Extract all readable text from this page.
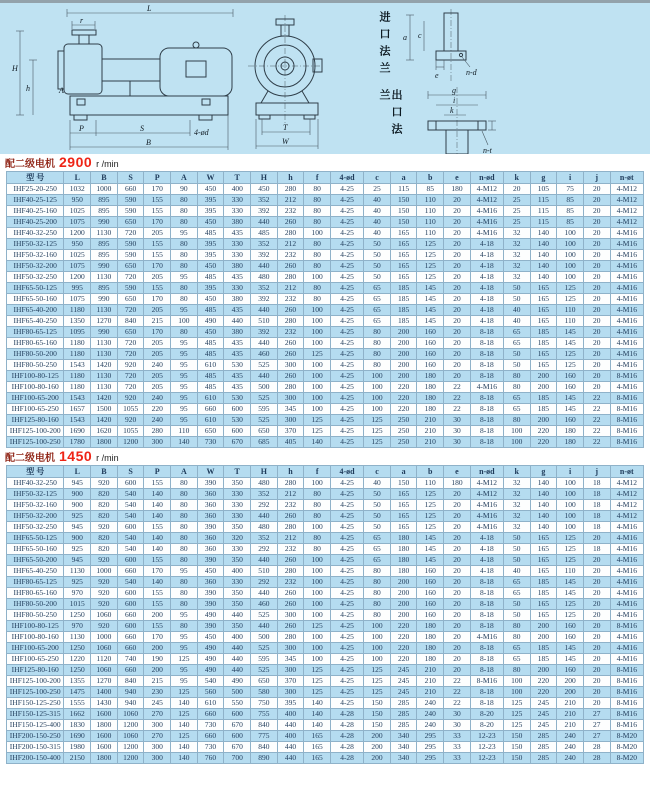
L
r
H
h	A
P	S	4-ød
B
T
W
a c
e	n-d
g
i
k
n-t
进口法兰
出口法兰
配二级电机 2900 r /min
型 号	L	B	S	P	A	W	T	H	h	f	4-ød	c	a	b	e	n-ød	k	g	i	j	n-øt
IHF25-20-250	1032	1000	660	170	90	450	400	450	280	80	4-25	25	115	85	180	4-M12	20	105	75	20	4-M12
IHF40-25-125	950	895	590	155	80	395	330	352	212	80	4-25	40	150	110	20	4-M12	25	115	85	20	4-M12
IHF40-25-160	1025	895	590	155	80	395	330	392	232	80	4-25	40	150	110	20	4-M16	25	115	85	20	4-M12
IHF40-25-200	1075	990	650	170	80	450	380	440	260	80	4-25	40	150	110	20	4-M16	25	115	85	20	4-M12
IHF40-32-250	1200	1130	720	205	95	485	435	485	280	100	4-25	40	165	110	20	4-M16	32	140	100	20	4-M16
IHF50-32-125	950	895	590	155	80	395	330	352	212	80	4-25	50	165	125	20	4-18	32	140	100	20	4-M16
IHF50-32-160	1025	895	590	155	80	395	330	392	232	80	4-25	50	165	125	20	4-18	32	140	100	20	4-M16
IHF50-32-200	1075	990	650	170	80	450	380	440	260	80	4-25	50	165	125	20	4-18	32	140	100	20	4-M16
IHF50-32-250	1200	1130	720	205	95	485	435	480	280	100	4-25	50	165	125	20	4-18	32	140	100	20	4-M16
IHF65-50-125	995	895	590	155	80	395	330	352	212	80	4-25	65	185	145	20	4-18	50	165	125	20	4-M16
IHF65-50-160	1075	990	650	170	80	450	380	392	232	80	4-25	65	185	145	20	4-18	50	165	125	20	4-M16
IHF65-40-200	1180	1130	720	205	95	485	435	440	260	100	4-25	65	185	145	20	4-18	40	165	110	20	4-M16
IHF65-40-250	1350	1270	840	215	100	490	440	510	280	100	4-25	65	185	145	20	4-18	40	165	110	20	4-M16
IHF80-65-125	1095	990	650	170	80	450	380	392	232	100	4-25	80	200	160	20	8-18	65	185	145	20	4-M16
IHF80-65-160	1180	1130	720	205	95	485	435	440	260	100	4-25	80	200	160	20	8-18	65	185	145	20	4-M16
IHF80-50-200	1180	1130	720	205	95	485	435	460	260	125	4-25	80	200	160	20	8-18	50	165	125	20	4-M16
IHF80-50-250	1543	1420	920	240	95	610	530	525	300	100	4-25	80	200	160	20	8-18	50	165	125	20	4-M16
IHF100-80-125	1180	1130	720	205	95	485	435	440	260	100	4-25	100	200	180	20	8-18	80	200	160	20	8-M16
IHF100-80-160	1180	1130	720	205	95	485	435	500	280	100	4-25	100	220	180	22	4-M16	80	200	160	20	4-M16
IHF100-65-200	1543	1420	920	240	95	610	530	525	300	100	4-25	100	220	180	22	8-18	65	185	145	22	8-M16
IHF100-65-250	1657	1500	1055	220	95	660	600	595	345	100	4-25	100	220	180	22	8-18	65	185	145	22	8-M16
IHF125-80-160	1543	1420	920	240	95	610	530	525	300	125	4-25	125	250	210	30	8-18	80	200	160	22	8-M16
IHF125-100-200	1690	1620	1055	280	110	650	600	650	370	125	4-25	125	250	210	30	8-18	100	220	180	22	8-M16
IHF125-100-250	1780	1800	1200	300	140	730	670	685	405	140	4-25	125	250	210	30	8-18	100	220	180	22	8-M16
配二级电机 1450 r /min
型 号	L	B	S	P	A	W	T	H	h	f	4-ød	c	a	b	e	n-ød	k	g	i	j	n-øt
IHF40-32-250	945	920	600	155	80	390	350	480	280	100	4-25	40	150	110	180	4-M12	32	140	100	18	4-M12
IHF50-32-125	900	820	540	140	80	360	330	352	212	80	4-25	50	165	125	20	4-M12	32	140	100	18	4-M12
IHF50-32-160	900	820	540	140	80	360	330	292	232	80	4-25	50	165	125	20	4-M16	32	140	100	18	4-M12
IHF50-32-200	925	820	540	140	80	360	330	440	260	80	4-25	50	165	125	20	4-M16	32	140	100	18	4-M12
IHF50-32-250	945	920	600	155	80	390	350	480	280	100	4-25	50	165	125	20	4-M16	32	140	100	18	4-M16
IHF65-50-125	900	820	540	140	80	360	320	352	212	80	4-25	65	180	145	20	4-18	50	165	125	20	4-M16
IHF65-50-160	925	820	540	140	80	360	330	292	232	80	4-25	65	180	145	20	4-18	50	165	125	18	4-M16
IHF65-50-200	945	920	600	155	80	390	350	440	260	100	4-25	65	180	145	20	4-18	50	165	125	20	4-M16
IHF65-40-250	1130	1000	660	170	95	450	400	510	280	100	4-25	80	180	160	20	4-18	40	165	110	20	4-M16
IHF80-65-125	925	920	540	140	80	360	330	292	232	100	4-25	80	200	160	20	8-18	65	185	145	20	4-M16
IHF80-65-160	970	920	600	155	80	390	350	440	260	100	4-25	80	200	160	20	8-18	65	185	145	20	4-M16
IHF80-50-200	1015	920	600	155	80	390	350	460	260	100	4-25	80	200	160	20	8-18	50	165	125	20	4-M16
IHF80-50-250	1250	1060	660	200	95	490	440	525	300	100	4-25	80	200	160	20	8-18	50	165	125	20	4-M16
IHF100-80-125	970	920	600	155	80	390	350	440	260	125	4-25	100	220	180	20	8-18	80	200	160	20	8-M16
IHF100-80-160	1130	1000	660	170	95	450	400	500	280	100	4-25	100	220	180	20	4-M16	80	200	160	20	4-M16
IHF100-65-200	1250	1060	660	200	95	490	440	525	300	100	4-25	100	220	180	20	8-18	65	185	145	20	4-M16
IHF100-65-250	1220	1120	740	190	125	490	440	595	345	100	4-25	100	220	180	20	8-18	65	185	145	20	4-M16
IHF125-80-160	1250	1060	660	200	95	490	440	525	300	125	4-25	125	245	210	20	8-18	80	200	160	20	8-M16
IHF125-100-200	1355	1270	840	215	95	540	490	650	370	125	4-25	125	245	210	22	8-M16	100	220	200	20	8-M16
IHF125-100-250	1475	1400	940	230	125	560	500	580	300	125	4-25	125	245	210	22	8-18	100	220	200	20	8-M16
IHF150-125-250	1555	1430	940	245	140	610	550	750	395	140	4-25	150	285	240	22	8-18	125	245	210	20	8-M16
IHF150-125-315	1662	1600	1060	270	125	660	600	755	400	140	4-28	150	285	240	30	8-20	125	245	210	27	8-M16
IHF150-125-400	1830	1800	1200	300	140	730	670	840	440	140	4-28	150	285	240	30	8-20	125	245	210	27	8-M16
IHF200-150-250	1690	1600	1060	270	125	660	600	775	400	165	4-28	200	340	295	33	12-23	150	285	240	27	8-M20
IHF200-150-315	1980	1600	1200	300	140	730	670	840	440	165	4-28	200	340	295	33	12-23	150	285	240	28	8-M20
IHF200-150-400	2150	1800	1200	300	140	760	700	890	440	165	4-28	200	340	295	33	12-23	150	285	240	28	8-M20
